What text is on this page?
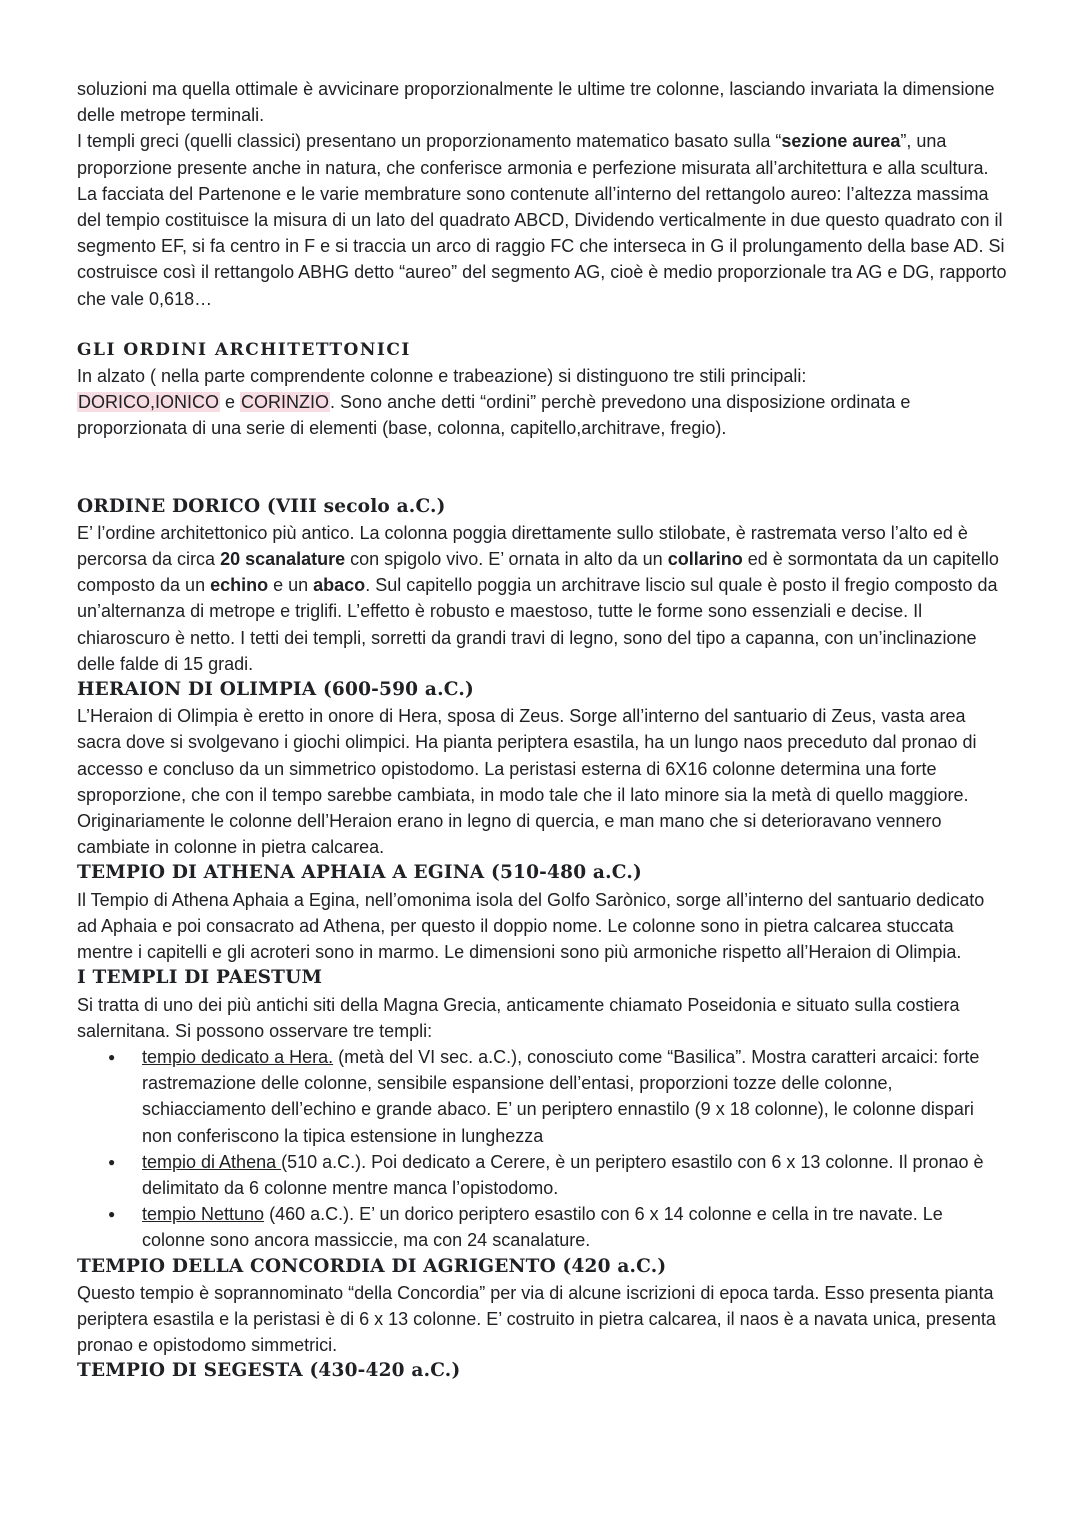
soluzioni ma quella ottimale è avvicinare proporzionalmente le ultime tre colonne, lasciando invariata la dimensione delle metrope terminali.

I templi greci (quelli classici) presentano un proporzionamento matematico basato sulla “sezione aurea”, una proporzione presente anche in natura, che conferisce armonia e perfezione misurata all’architettura e alla scultura. La facciata del Partenone e le varie membrature sono contenute all’interno del rettangolo aureo: l’altezza massima del tempio costituisce la misura di un lato del quadrato ABCD, Dividendo verticalmente in due questo quadrato con il segmento EF, si fa centro in F e si traccia un arco di raggio FC che interseca in G il prolungamento della base AD. Si costruisce così il rettangolo ABHG detto “aureo” del segmento AG, cioè è medio proporzionale tra AG e DG, rapporto che vale 0,618…

GLI ORDINI ARCHITETTONICI

In alzato ( nella parte comprendente colonne e trabeazione) si distinguono tre stili principali:
DORICO,IONICO e CORINZIO. Sono anche detti “ordini” perchè prevedono una disposizione ordinata e proporzionata di una serie di elementi (base, colonna, capitello,architrave, fregio).

ORDINE DORICO (VIII secolo a.C.)

E’ l’ordine architettonico più antico. La colonna poggia direttamente sullo stilobate, è rastremata verso l’alto ed è percorsa da circa 20 scanalature con spigolo vivo. E’ ornata in alto da un collarino ed è sormontata da un capitello composto da un echino e un abaco. Sul capitello poggia un architrave liscio sul quale è posto il fregio composto da un’alternanza di metrope e triglifi. L’effetto è robusto e maestoso, tutte le forme sono essenziali e decise. Il chiaroscuro è netto. I tetti dei templi, sorretti da grandi travi di legno, sono del tipo a capanna, con un’inclinazione delle falde di 15 gradi.

HERAION DI OLIMPIA (600-590 a.C.)

L’Heraion di Olimpia è eretto in onore di Hera, sposa di Zeus. Sorge all’interno del santuario di Zeus, vasta area sacra dove si svolgevano i giochi olimpici. Ha pianta periptera esastila, ha un lungo naos preceduto dal pronao di accesso e concluso da un simmetrico opistodomo. La peristasi esterna di 6X16 colonne determina una forte sproporzione, che con il tempo sarebbe cambiata, in modo tale che il lato minore sia la metà di quello maggiore. Originariamente le colonne dell’Heraion erano in legno di quercia, e man mano che si deterioravano vennero cambiate in colonne in pietra calcarea.

TEMPIO DI ATHENA APHAIA A EGINA (510-480 a.C.)

Il Tempio di Athena Aphaia a Egina, nell’omonima isola del Golfo Sarònico, sorge all’interno del santuario dedicato ad Aphaia e poi consacrato ad Athena, per questo il doppio nome. Le colonne sono in pietra calcarea stuccata mentre i capitelli e gli acroteri sono in marmo. Le dimensioni sono più armoniche rispetto all’Heraion di Olimpia.

I TEMPLI DI PAESTUM

Si tratta di uno dei più antichi siti della Magna Grecia, anticamente chiamato Poseidonia e situato sulla costiera salernitana. Si possono osservare tre templi:

● tempio dedicato a Hera. (metà del VI sec. a.C.), conosciuto come “Basilica”. Mostra caratteri arcaici: forte rastremazione delle colonne, sensibile espansione dell’entasi, proporzioni tozze delle colonne, schiacciamento dell’echino e grande abaco. E’ un periptero ennastilo (9 x 18 colonne), le colonne dispari non conferiscono la tipica estensione in lunghezza
● tempio di Athena (510 a.C.). Poi dedicato a Cerere, è un periptero esastilo con 6 x 13 colonne. Il pronao è delimitato da 6 colonne mentre manca l’opistodomo.
● tempio Nettuno (460 a.C.). E’ un dorico periptero esastilo con 6 x 14 colonne e cella in tre navate. Le colonne sono ancora massiccie, ma con 24 scanalature.
TEMPIO DELLA CONCORDIA DI AGRIGENTO (420 a.C.)

Questo tempio è soprannominato “della Concordia” per via di alcune iscrizioni di epoca tarda. Esso presenta pianta periptera esastila e la peristasi è di 6 x 13 colonne. E’ costruito in pietra calcarea, il naos è a navata unica, presenta pronao e opistodomo simmetrici.

TEMPIO DI SEGESTA (430-420 a.C.)
